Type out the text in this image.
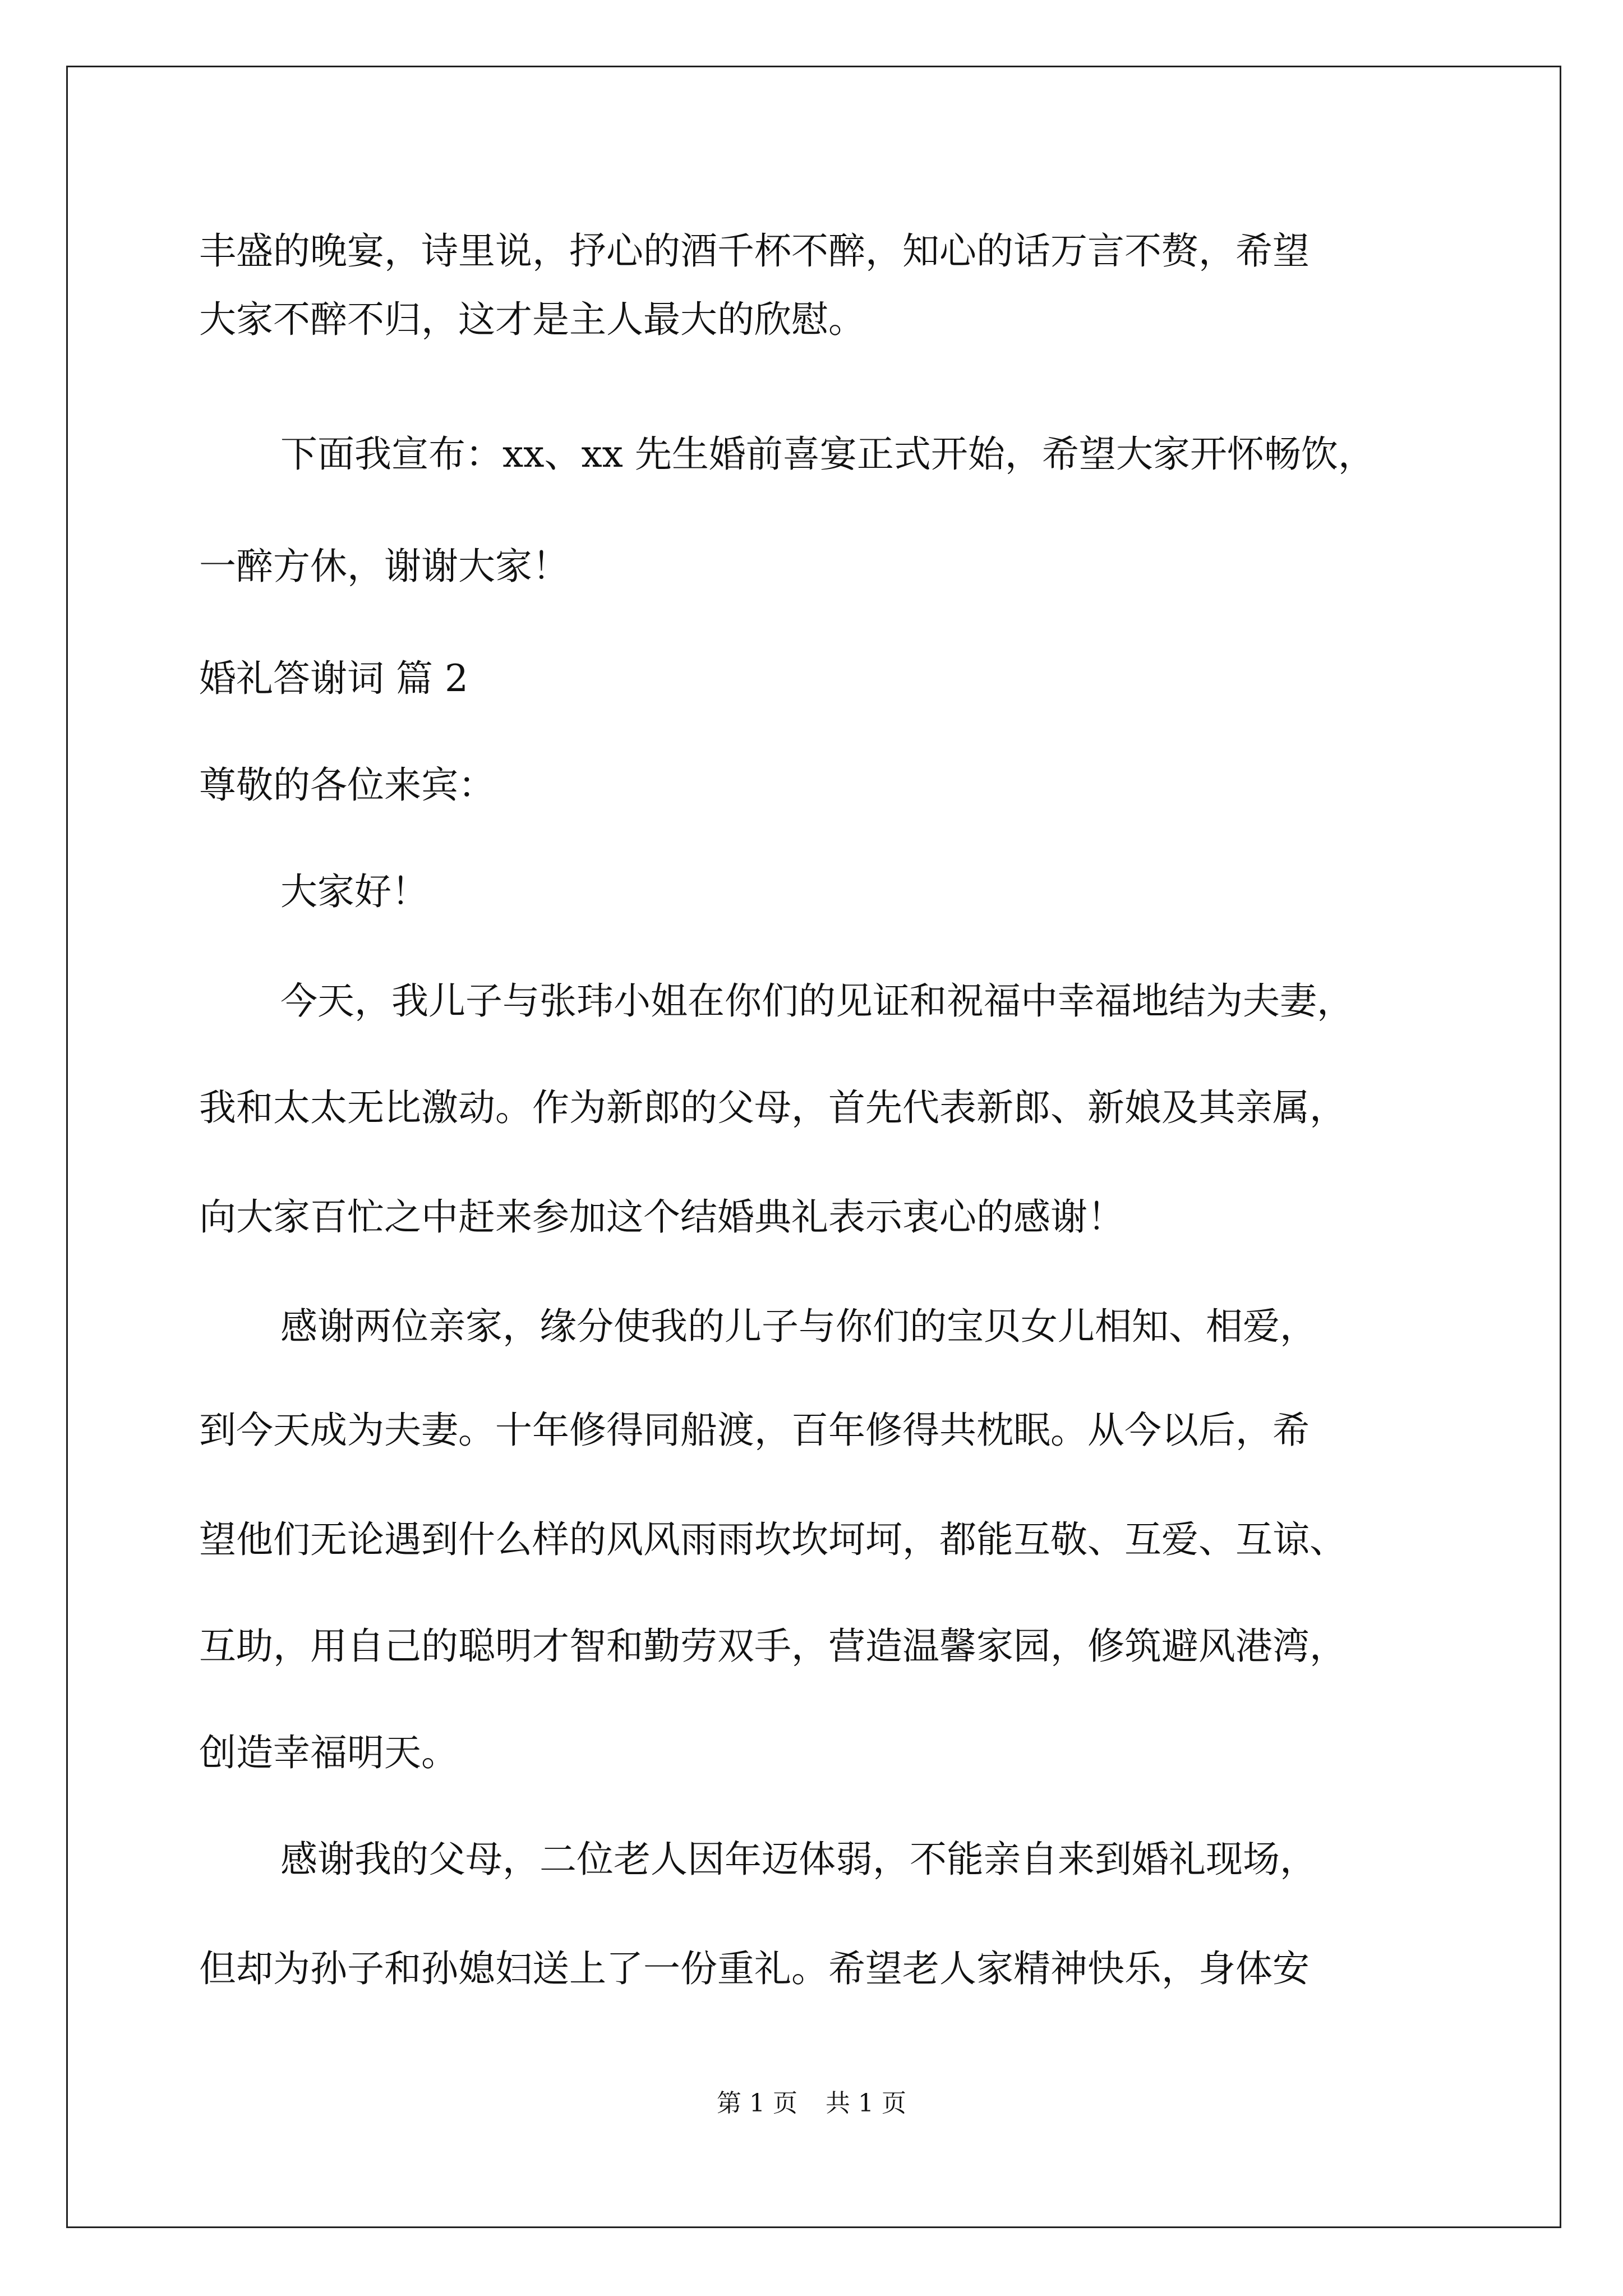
丰盛的晚宴，诗里说，抒心的酒千杯不醉，知心的话万言不赘，希望
大家不醉不归，这才是主人最大的欣慰。
下面我宣布：xx、xx 先生婚前喜宴正式开始，希望大家开怀畅饮，
一醉方休，谢谢大家！
婚礼答谢词 篇 2
尊敬的各位来宾：
大家好！
今天，我儿子与张玮小姐在你们的见证和祝福中幸福地结为夫妻，
我和太太无比激动。作为新郎的父母，首先代表新郎、新娘及其亲属，
向大家百忙之中赶来参加这个结婚典礼表示衷心的感谢！
感谢两位亲家，缘分使我的儿子与你们的宝贝女儿相知、相爱，
到今天成为夫妻。十年修得同船渡，百年修得共枕眠。从今以后，希
望他们无论遇到什么样的风风雨雨坎坎坷坷，都能互敬、互爱、互谅、
互助，用自己的聪明才智和勤劳双手，营造温馨家园，修筑避风港湾，
创造幸福明天。
感谢我的父母，二位老人因年迈体弱，不能亲自来到婚礼现场，
但却为孙子和孙媳妇送上了一份重礼。希望老人家精神快乐，身体安
第 1 页 共 1 页
